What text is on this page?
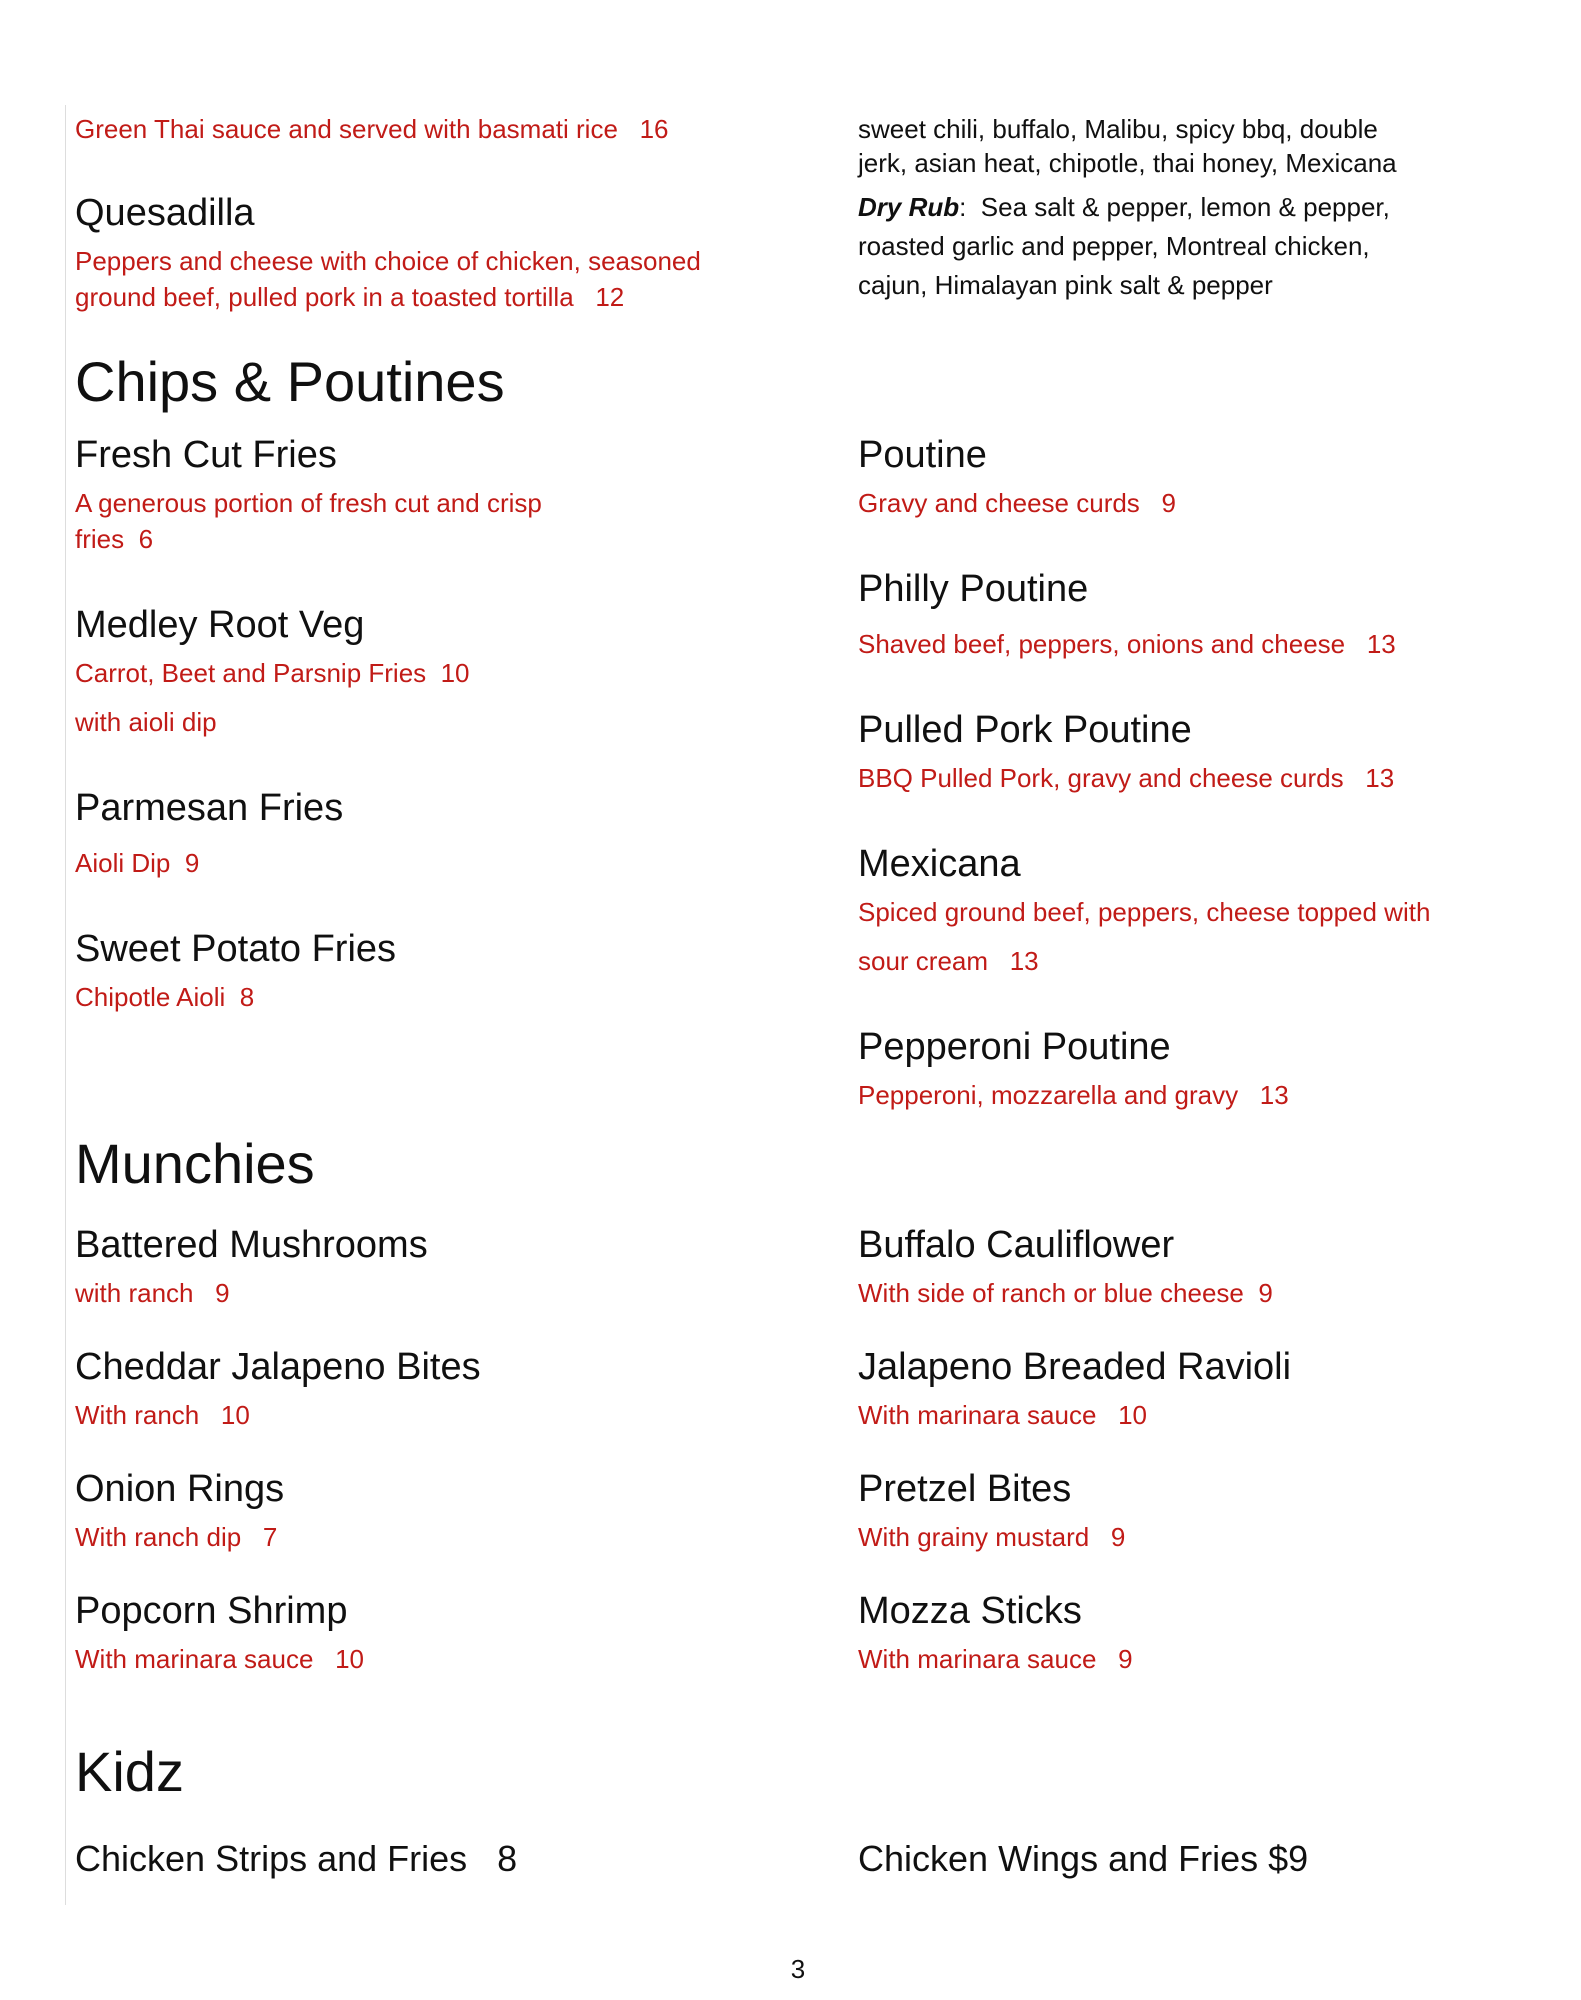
Green Thai sauce and served with basmati rice   16

Quesadilla

Peppers and cheese with choice of chicken, seasoned

ground beef, pulled pork in a toasted tortilla   12

sweet chili, buffalo, Malibu, spicy bbq, double

jerk, asian heat, chipotle, thai honey, Mexicana

Dry Rub:  Sea salt & pepper, lemon & pepper,

roasted garlic and pepper, Montreal chicken,

cajun, Himalayan pink salt & pepper

Chips & Poutines
Fresh Cut Fries

A generous portion of fresh cut and crisp

fries  6

Medley Root Veg

Carrot, Beet and Parsnip Fries  10

with aioli dip

Parmesan Fries

Aioli Dip  9

Sweet Potato Fries

Chipotle Aioli  8

Poutine

Gravy and cheese curds   9

Philly Poutine

Shaved beef, peppers, onions and cheese   13

Pulled Pork Poutine

BBQ Pulled Pork, gravy and cheese curds   13

Mexicana

Spiced ground beef, peppers, cheese topped with

sour cream   13

Pepperoni Poutine

Pepperoni, mozzarella and gravy   13

Munchies
Battered Mushrooms

with ranch   9

Cheddar Jalapeno Bites

With ranch   10

Onion Rings

With ranch dip   7

Popcorn Shrimp

With marinara sauce   10

Buffalo Cauliflower

With side of ranch or blue cheese  9

Jalapeno Breaded Ravioli

With marinara sauce   10

Pretzel Bites

With grainy mustard   9

Mozza Sticks

With marinara sauce   9

Kidz

Chicken Strips and Fries   8	Chicken Wings and Fries $9

3
